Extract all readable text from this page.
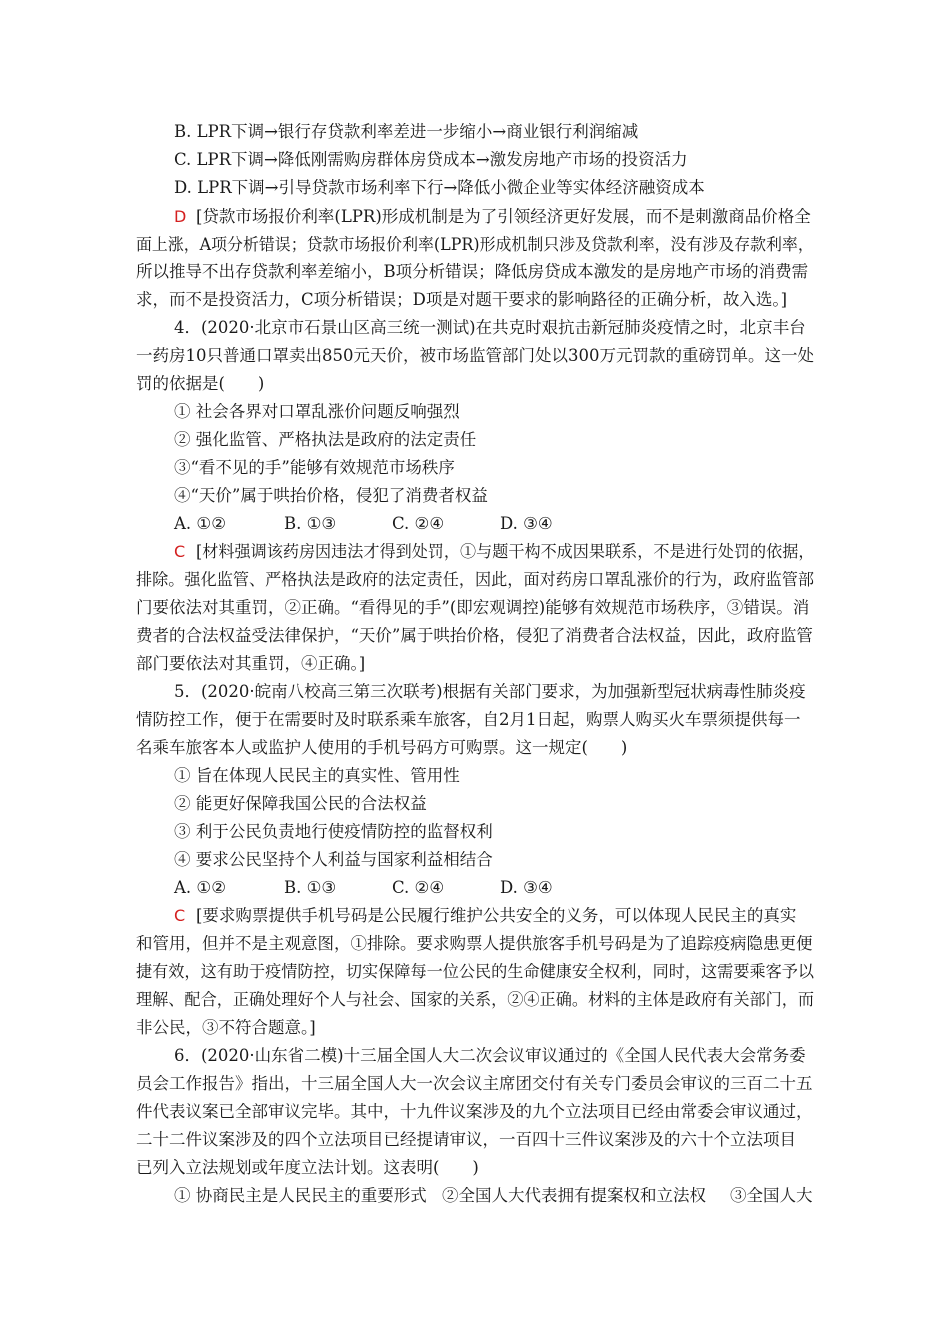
B. LPR下调→银行存贷款利率差进一步缩小→商业银行利润缩减
C. LPR下调→降低刚需购房群体房贷成本→激发房地产市场的投资活力
D. LPR下调→引导贷款市场利率下行→降低小微企业等实体经济融资成本
D [贷款市场报价利率(LPR)形成机制是为了引领经济更好发展，而不是刺激商品价格全
面上涨，A项分析错误；贷款市场报价利率(LPR)形成机制只涉及贷款利率，没有涉及存款利率，
所以推导不出存贷款利率差缩小，B项分析错误；降低房贷成本激发的是房地产市场的消费需
求，而不是投资活力，C项分析错误；D项是对题干要求的影响路径的正确分析，故入选。]
4．(2020·北京市石景山区高三统一测试)在共克时艰抗击新冠肺炎疫情之时，北京丰台
一药房10只普通口罩卖出850元天价，被市场监管部门处以300万元罚款的重磅罚单。这一处
罚的依据是(　　)
① 社会各界对口罩乱涨价问题反响强烈
② 强化监管、严格执法是政府的法定责任
③“看不见的手”能够有效规范市场秩序
④“天价”属于哄抬价格，侵犯了消费者权益
A. ①②	B. ①③	C. ②④	D. ③④
C [材料强调该药房因违法才得到处罚，①与题干构不成因果联系，不是进行处罚的依据，
排除。强化监管、严格执法是政府的法定责任，因此，面对药房口罩乱涨价的行为，政府监管部
门要依法对其重罚，②正确。“看得见的手”(即宏观调控)能够有效规范市场秩序，③错误。消
费者的合法权益受法律保护，“天价”属于哄抬价格，侵犯了消费者合法权益，因此，政府监管
部门要依法对其重罚，④正确。]
5．(2020·皖南八校高三第三次联考)根据有关部门要求，为加强新型冠状病毒性肺炎疫
情防控工作，便于在需要时及时联系乘车旅客，自2月1日起，购票人购买火车票须提供每一
名乘车旅客本人或监护人使用的手机号码方可购票。这一规定(　　)
① 旨在体现人民民主的真实性、管用性
② 能更好保障我国公民的合法权益
③ 利于公民负责地行使疫情防控的监督权利
④ 要求公民坚持个人利益与国家利益相结合
A. ①②	B. ①③	C. ②④	D. ③④
C [要求购票提供手机号码是公民履行维护公共安全的义务，可以体现人民民主的真实
和管用，但并不是主观意图，①排除。要求购票人提供旅客手机号码是为了追踪疫病隐患更便
捷有效，这有助于疫情防控，切实保障每一位公民的生命健康安全权利，同时，这需要乘客予以
理解、配合，正确处理好个人与社会、国家的关系，②④正确。材料的主体是政府有关部门，而
非公民，③不符合题意。]
6．(2020·山东省二模)十三届全国人大二次会议审议通过的《全国人民代表大会常务委
员会工作报告》指出，十三届全国人大一次会议主席团交付有关专门委员会审议的三百二十五
件代表议案已全部审议完毕。其中，十九件议案涉及的九个立法项目已经由常委会审议通过，
二十二件议案涉及的四个立法项目已经提请审议，一百四十三件议案涉及的六十个立法项目
已列入立法规划或年度立法计划。这表明(　　)
① 协商民主是人民民主的重要形式 ②全国人大代表拥有提案权和立法权 ③全国人大
